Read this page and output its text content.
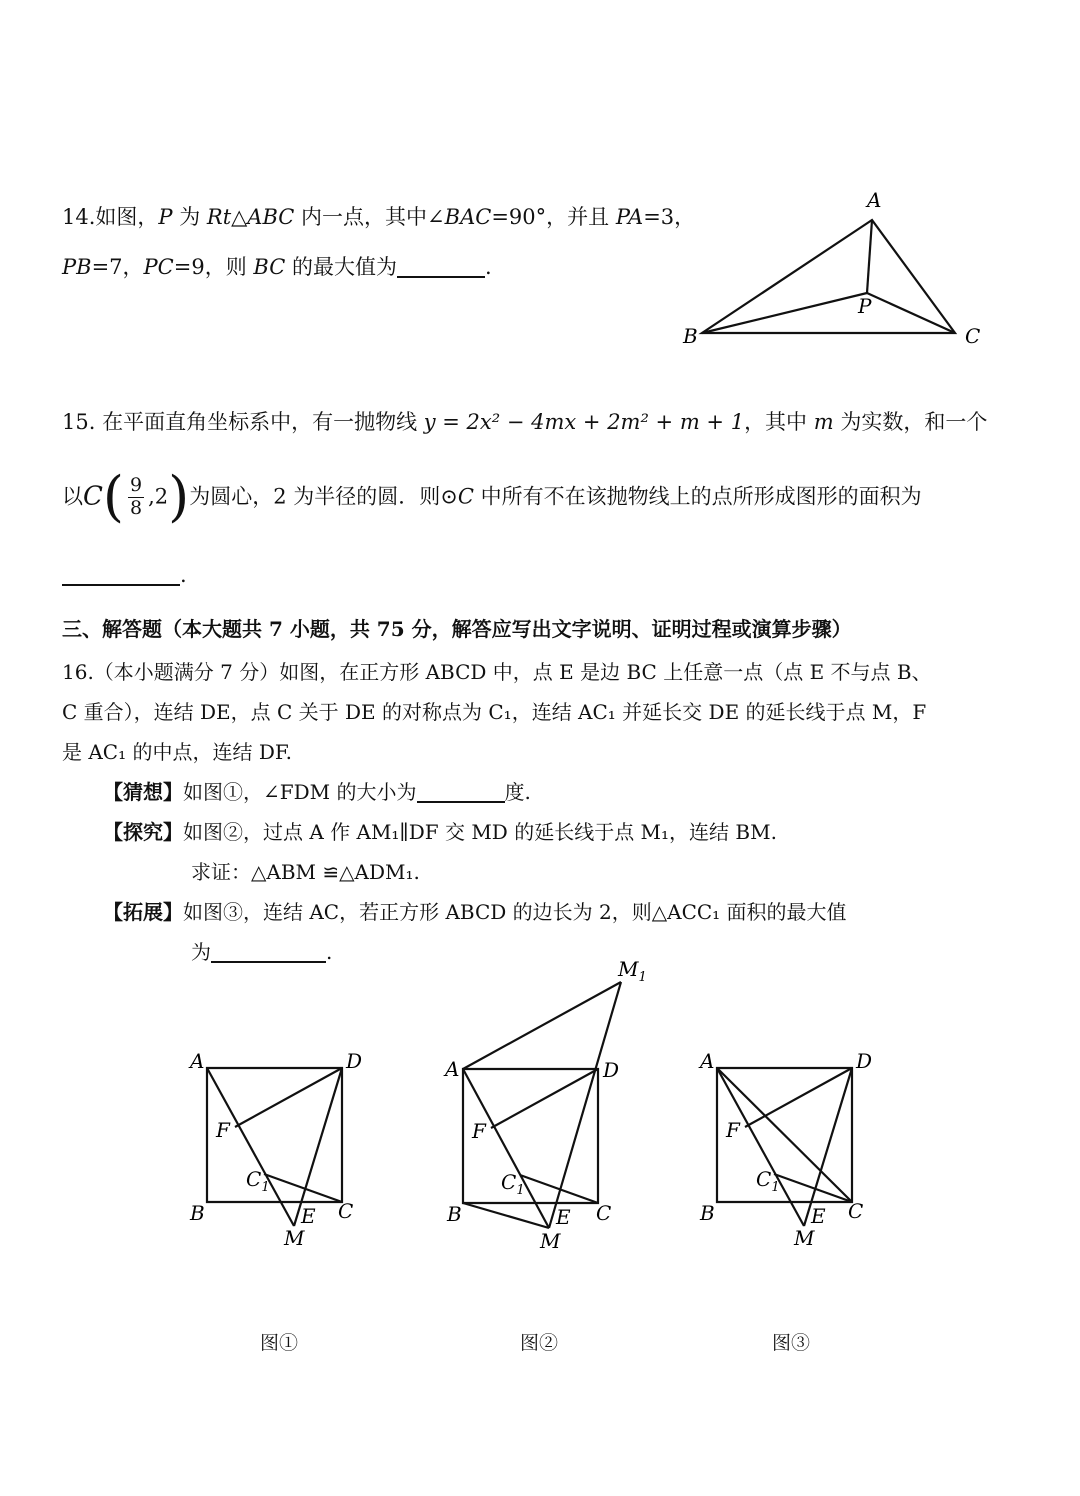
14.如图，P 为 Rt△ABC 内一点，其中∠BAC=90°，并且 PA=3，
PB=7，PC=9，则 BC 的最大值为	.
A
B	C
P
15. 在平面直角坐标系中，有一抛物线 y = 2x² − 4mx + 2m² + m + 1，其中 m 为实数，和一个
以$C( \frac{9}{8} ,2)$为圆心，2 为半径的圆．则⊙C 中所有不在该抛物线上的点所形成图形的面积为
.
三、解答题（本大题共 7 小题，共 75 分，解答应写出文字说明、证明过程或演算步骤）
16.（本小题满分 7 分）如图，在正方形 ABCD 中，点 E 是边 BC 上任意一点（点 E 不与点 B、
C 重合），连结 DE，点 C 关于 DE 的对称点为 C₁，连结 AC₁ 并延长交 DE 的延长线于点 M，F
是 AC₁ 的中点，连结 DF.
【猜想】如图①，∠FDM 的大小为	度.
【探究】如图②，过点 A 作 AM₁∥DF 交 MD 的延长线于点 M₁，连结 BM.
求证：△ABM ≌△ADM₁.
【拓展】如图③，连结 AC，若正方形 ABCD 的边长为 2，则△ACC₁ 面积的最大值
为	.
A	D
F
$C_1$
B	E C
M
图①
$M_1$
A	D
F
$C_1$
B	E C
M
图②
A	D
F
$C_1$
B	E C
M
图③
